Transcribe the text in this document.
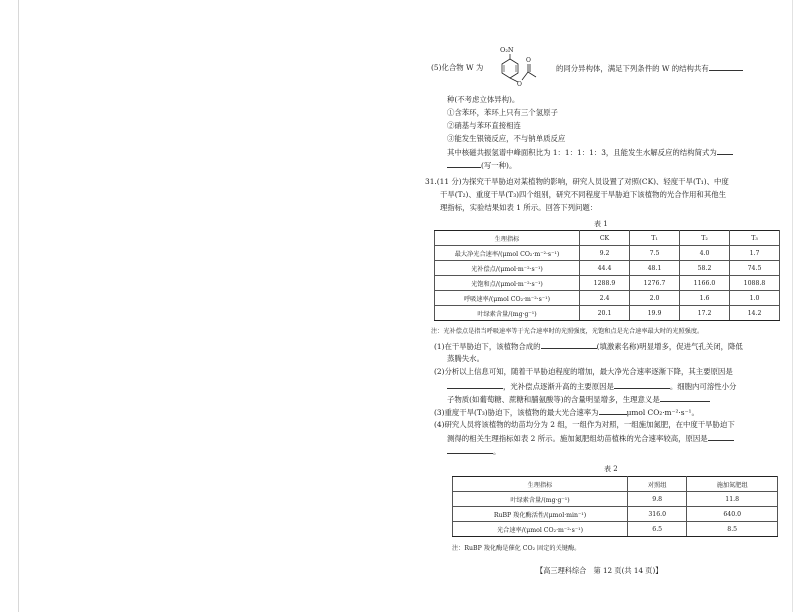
(5)化合物 W 为
O₂N
O
O
的同分异构体，满足下列条件的 W 的结构共有
种(不考虑立体异构)。
①含苯环，苯环上只有三个氢原子
②硝基与苯环直接相连
③能发生银镜反应，不与钠单质反应
其中核磁共振氢谱中峰面积比为 1：1：1：1：3，且能发生水解反应的结构简式为
(写一种)。
31.(11 分)为探究干旱胁迫对某植物的影响，研究人员设置了对照(CK)、轻度干旱(T₁)、中度
干旱(T₂)、重度干旱(T₃)四个组别，研究不同程度干旱胁迫下该植物的光合作用和其他生
理指标，实验结果如表 1 所示。回答下列问题：
表 1
生理指标	CK	T₁	T₂	T₃
最大净光合速率/(μmol CO₂·m⁻²·s⁻¹)	9.2	7.5	4.0	1.7
光补偿点/(μmol·m⁻²·s⁻¹)	44.4	48.1	58.2	74.5
光饱和点/(μmol·m⁻²·s⁻¹)	1288.9	1276.7	1166.0	1088.8
呼吸速率/(μmol CO₂·m⁻²·s⁻¹)	2.4	2.0	1.6	1.0
叶绿素含量/(mg·g⁻¹)	20.1	19.9	17.2	14.2
注：光补偿点是指当呼吸速率等于光合速率时的光照强度，光饱和点是光合速率最大时的光照强度。
(1)在干旱胁迫下，该植物合成的	(填激素名称)明显增多，促进气孔关闭，降低
蒸腾失水。
(2)分析以上信息可知，随着干旱胁迫程度的增加，最大净光合速率逐渐下降，其主要原因是
，光补偿点逐渐升高的主要原因是	。细胞内可溶性小分
子物质(如葡萄糖、蔗糖和脯氨酸等)的含量明显增多，生理意义是
(3)重度干旱(T₃)胁迫下，该植物的最大光合速率为	μmol CO₂·m⁻²·s⁻¹。
(4)研究人员将该植物的幼苗均分为 2 组，一组作为对照，一组施加氮肥，在中度干旱胁迫下
测得的相关生理指标如表 2 所示。施加氮肥组幼苗植株的光合速率较高，原因是
。
表 2
生理指标	对照组	施加氮肥组
叶绿素含量/(mg·g⁻¹)	9.8	11.8
RuBP 羧化酶活性/(μmol·min⁻¹)	316.0	640.0
光合速率/(μmol CO₂·m⁻²·s⁻¹)	6.5	8.5
注：RuBP 羧化酶是催化 CO₂ 固定的关键酶。
【高三理科综合　第 12 页(共 14 页)】
